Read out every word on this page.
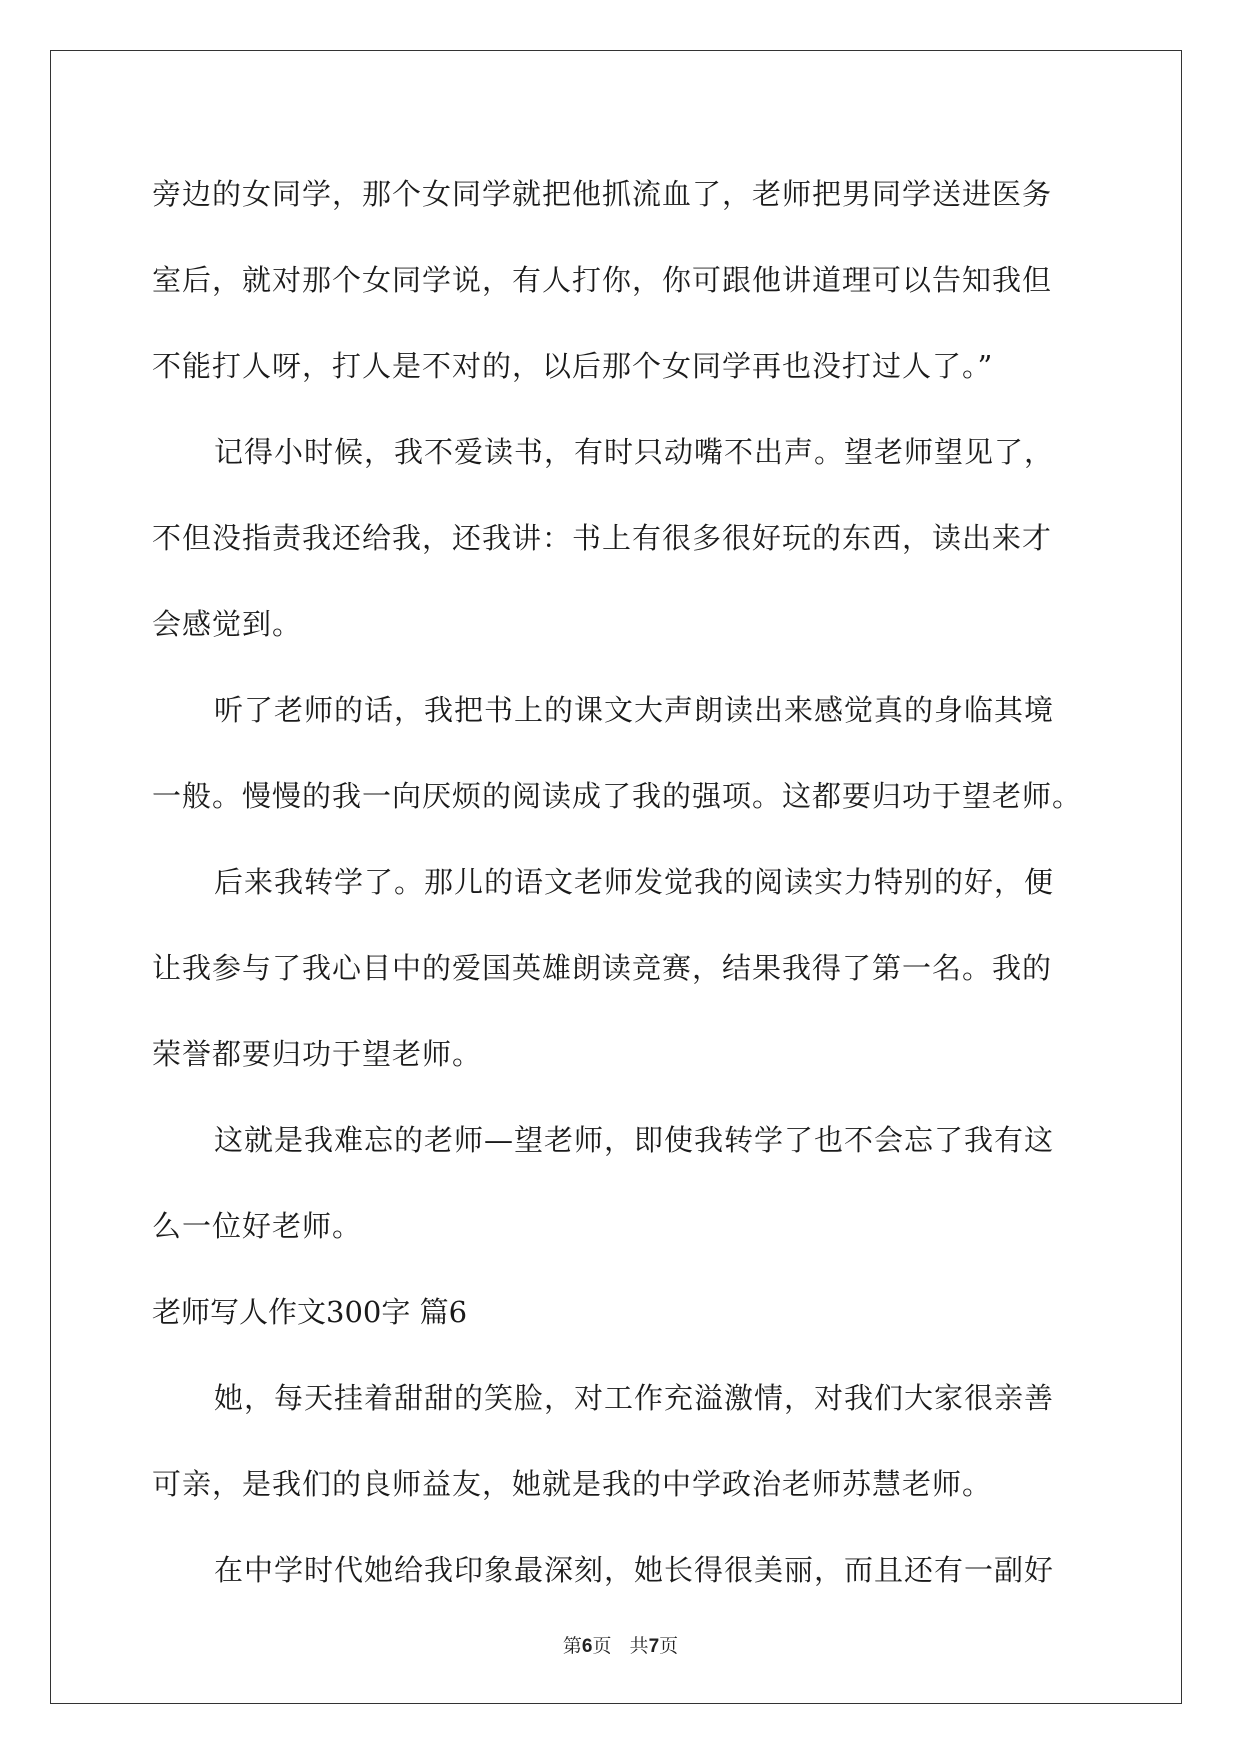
旁边的女同学，那个女同学就把他抓流血了，老师把男同学送进医务
室后，就对那个女同学说，有人打你，你可跟他讲道理可以告知我但
不能打人呀，打人是不对的，以后那个女同学再也没打过人了。”
记得小时候，我不爱读书，有时只动嘴不出声。望老师望见了，
不但没指责我还给我，还我讲：书上有很多很好玩的东西，读出来才
会感觉到。
听了老师的话，我把书上的课文大声朗读出来感觉真的身临其境
一般。慢慢的我一向厌烦的阅读成了我的强项。这都要归功于望老师。
后来我转学了。那儿的语文老师发觉我的阅读实力特别的好，便
让我参与了我心目中的爱国英雄朗读竞赛，结果我得了第一名。我的
荣誉都要归功于望老师。
这就是我难忘的老师—望老师，即使我转学了也不会忘了我有这
么一位好老师。
老师写人作文300字 篇6
她，每天挂着甜甜的笑脸，对工作充溢激情，对我们大家很亲善
可亲，是我们的良师益友，她就是我的中学政治老师苏慧老师。
在中学时代她给我印象最深刻，她长得很美丽，而且还有一副好
第6页   共7页
